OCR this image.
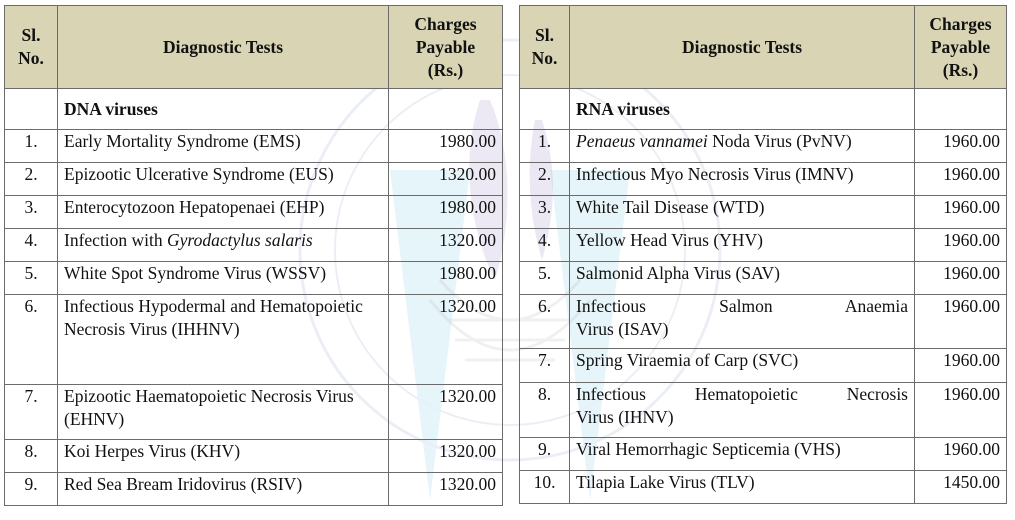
Sl.
No.	Diagnostic Tests	Charges
Payable
(Rs.)
	DNA viruses	
1.	Early Mortality Syndrome (EMS)	1980.00
2.	Epizootic Ulcerative Syndrome (EUS)	1320.00
3.	Enterocytozoon Hepatopenaei (EHP)	1980.00
4.	Infection with Gyrodactylus salaris	1320.00
5.	White Spot Syndrome Virus (WSSV)	1980.00
6.	Infectious Hypodermal and Hematopoietic Necrosis Virus (IHHNV)	1320.00
7.	Epizootic Haematopoietic Necrosis Virus (EHNV)	1320.00
8.	Koi Herpes Virus (KHV)	1320.00
9.	Red Sea Bream Iridovirus (RSIV)	1320.00
Sl.
No.	Diagnostic Tests	Charges
Payable
(Rs.)
	RNA viruses	
1.	Penaeus vannamei Noda Virus (PvNV)	1960.00
2.	Infectious Myo Necrosis Virus (IMNV)	1960.00
3.	White Tail Disease (WTD)	1960.00
4.	Yellow Head Virus (YHV)	1960.00
5.	Salmonid Alpha Virus (SAV)	1960.00
6.	Infectious Salmon Anaemia
Virus (ISAV)	1960.00
7.	Spring Viraemia of Carp (SVC)	1960.00
8.	Infectious Hematopoietic Necrosis
Virus (IHNV)	1960.00
9.	Viral Hemorrhagic Septicemia (VHS)	1960.00
10.	Tilapia Lake Virus (TLV)	1450.00
